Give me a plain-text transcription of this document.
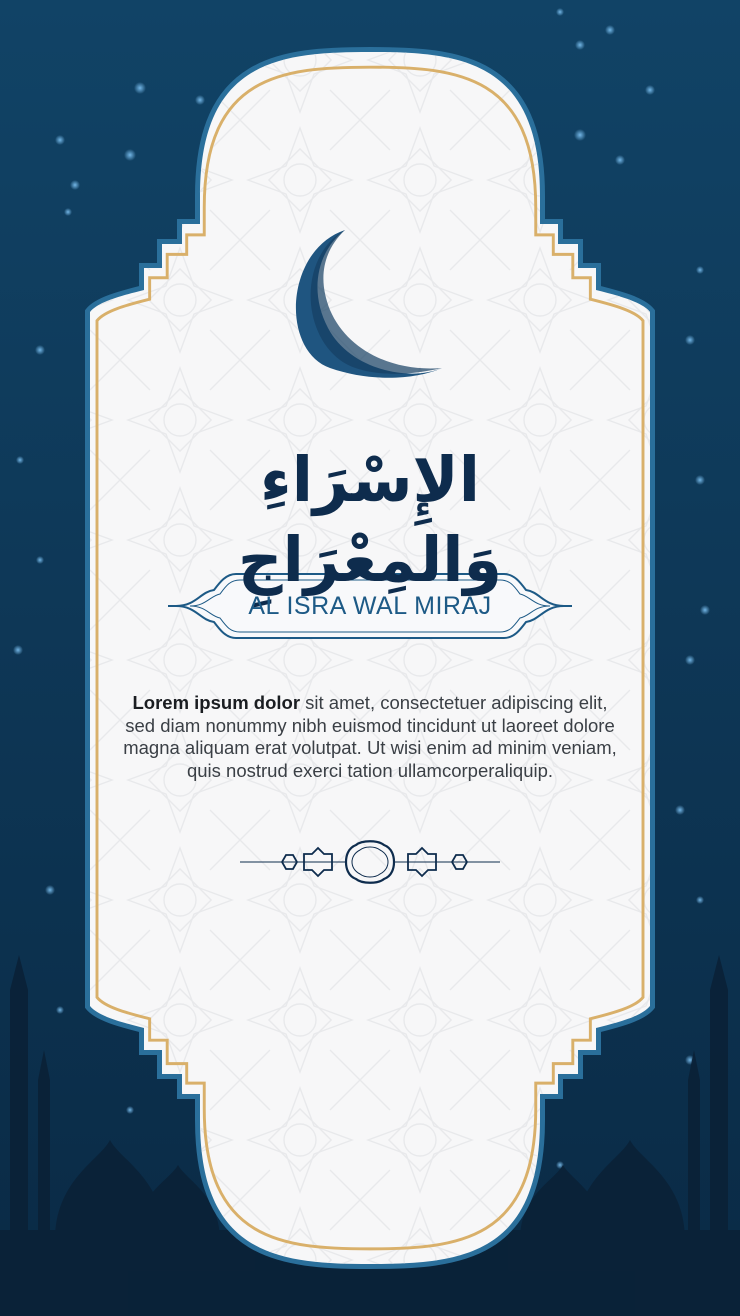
الإِسْرَاءِ وَالمِعْرَاجِ
AL ISRA WAL MIRAJ
Lorem ipsum dolor sit amet, consectetuer adipiscing elit, sed diam nonummy nibh euismod tincidunt ut laoreet dolore magna aliquam erat volutpat. Ut wisi enim ad minim veniam, quis nostrud exerci tation ullamcorperaliquip.
